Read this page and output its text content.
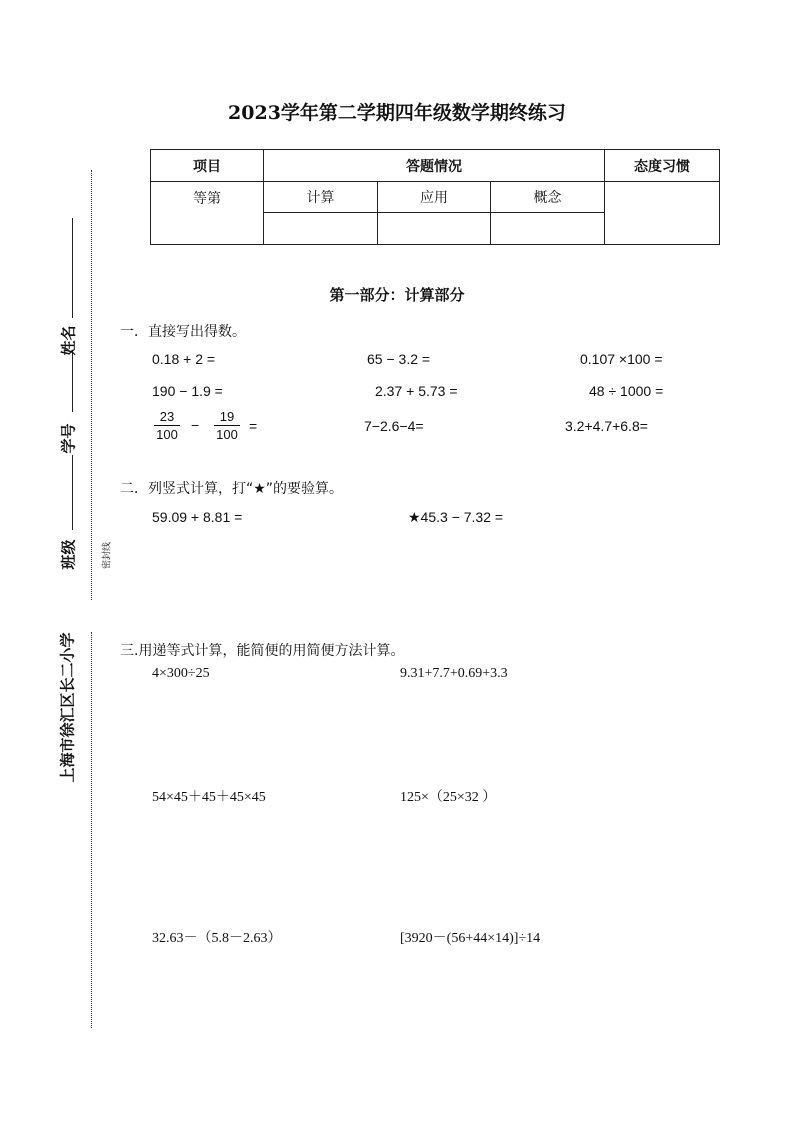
姓名
学号
班级	密封线
上海市徐汇区长二小学
2023学年第二学期四年级数学期终练习
项目	答题情况			态度习惯
等第	计算	应用	概念	

第一部分：计算部分
一．直接写出得数。
0.18 + 2 =	65 − 3.2 =	0.107 ×100 =
190 − 1.9 =	2.37 + 5.73 =	48 ÷ 1000 =
$\frac{23}{100} - \frac{19}{100}$ =	7−2.6−4=	3.2+4.7+6.8=
二．列竖式计算，打“★”的要验算。
59.09 + 8.81 =	★45.3 − 7.32 =
三.用递等式计算，能简便的用简便方法计算。
4×300÷25	9.31+7.7+0.69+3.3
54×45＋45＋45×45	125×（25×32 ）
32.63－（5.8－2.63）	[3920－(56+44×14)]÷14
